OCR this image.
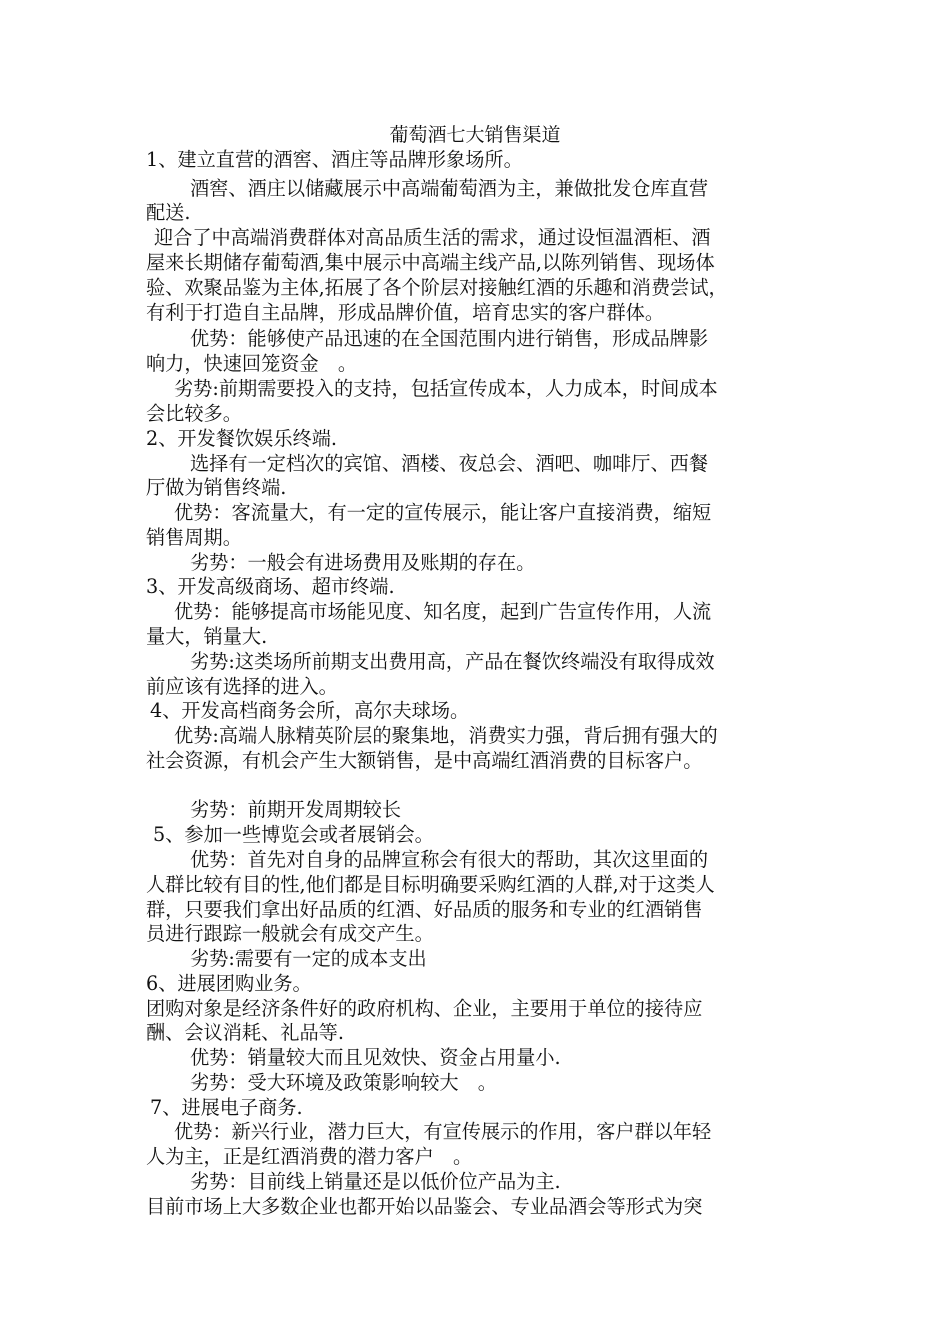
葡萄酒七大销售渠道
1、建立直营的酒窖、酒庄等品牌形象场所。
酒窖、酒庄以储藏展示中高端葡萄酒为主，兼做批发仓库直营
配送.
迎合了中高端消费群体对高品质生活的需求，通过设恒温酒柜、酒
屋来长期储存葡萄酒,集中展示中高端主线产品,以陈列销售、现场体
验、欢聚品鉴为主体,拓展了各个阶层对接触红酒的乐趣和消费尝试，
有利于打造自主品牌，形成品牌价值，培育忠实的客户群体。
优势：能够使产品迅速的在全国范围内进行销售，形成品牌影
响力，快速回笼资金　。
劣势:前期需要投入的支持，包括宣传成本，人力成本，时间成本
会比较多。
2、开发餐饮娱乐终端.
选择有一定档次的宾馆、酒楼、夜总会、酒吧、咖啡厅、西餐
厅做为销售终端.
优势：客流量大，有一定的宣传展示，能让客户直接消费，缩短
销售周期。
劣势：一般会有进场费用及账期的存在。
3、开发高级商场、超市终端.
优势：能够提高市场能见度、知名度，起到广告宣传作用，人流
量大，销量大.
劣势:这类场所前期支出费用高，产品在餐饮终端没有取得成效
前应该有选择的进入。
4、开发高档商务会所，高尔夫球场。
优势:高端人脉精英阶层的聚集地，消费实力强，背后拥有强大的
社会资源，有机会产生大额销售，是中高端红酒消费的目标客户。
劣势：前期开发周期较长
5、参加一些博览会或者展销会。
优势：首先对自身的品牌宣称会有很大的帮助，其次这里面的
人群比较有目的性,他们都是目标明确要采购红酒的人群,对于这类人
群，只要我们拿出好品质的红酒、好品质的服务和专业的红酒销售
员进行跟踪一般就会有成交产生。
劣势:需要有一定的成本支出
6、进展团购业务。
团购对象是经济条件好的政府机构、企业，主要用于单位的接待应
酬、会议消耗、礼品等.
优势：销量较大而且见效快、资金占用量小.
劣势：受大环境及政策影响较大　。
7、进展电子商务.
优势：新兴行业，潜力巨大，有宣传展示的作用，客户群以年轻
人为主，正是红酒消费的潜力客户　。
劣势：目前线上销量还是以低价位产品为主.
目前市场上大多数企业也都开始以品鉴会、专业品酒会等形式为突
